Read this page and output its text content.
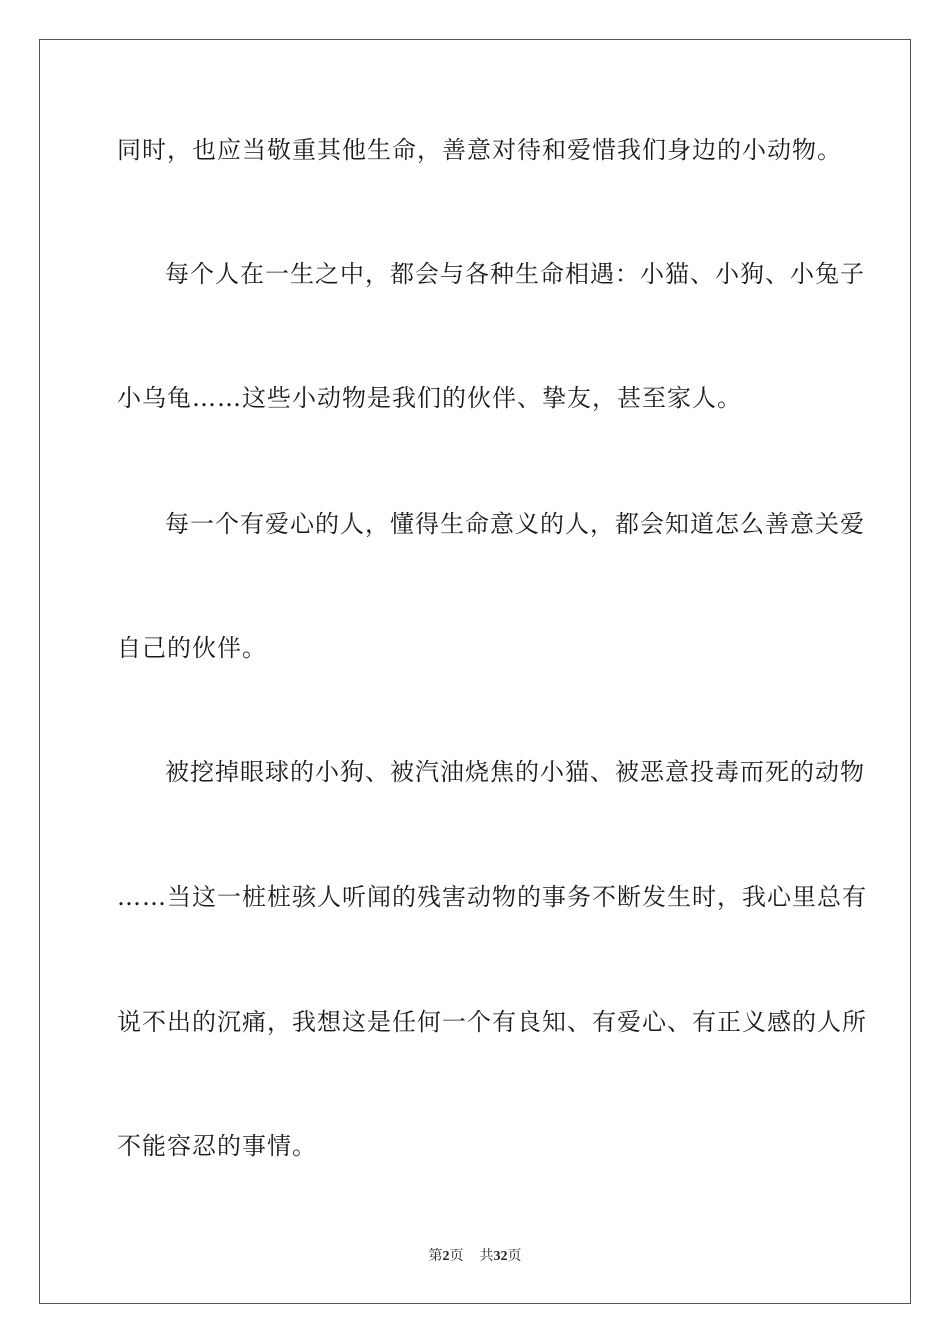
同时，也应当敬重其他生命，善意对待和爱惜我们身边的小动物。
每个人在一生之中，都会与各种生命相遇：小猫、小狗、小兔子
小乌龟……这些小动物是我们的伙伴、挚友，甚至家人。
每一个有爱心的人，懂得生命意义的人，都会知道怎么善意关爱
自己的伙伴。
被挖掉眼球的小狗、被汽油烧焦的小猫、被恶意投毒而死的动物
……当这一桩桩骇人听闻的残害动物的事务不断发生时，我心里总有
说不出的沉痛，我想这是任何一个有良知、有爱心、有正义感的人所
不能容忍的事情。
第2页 共32页
